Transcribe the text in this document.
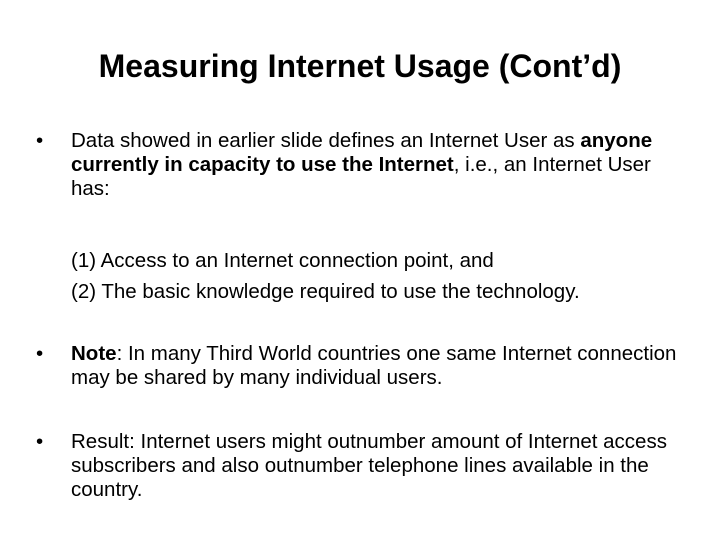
Measuring Internet Usage (Cont’d)
•	Data showed in earlier slide defines an Internet User as anyone currently in capacity to use the Internet, i.e., an Internet User has:
(1) Access to an Internet connection point, and
(2) The basic knowledge required to use the technology.
•	Note: In many Third World countries one same Internet connection may be shared by many individual users.
•	Result: Internet users might outnumber amount of Internet access subscribers and also outnumber telephone lines available in the country.
